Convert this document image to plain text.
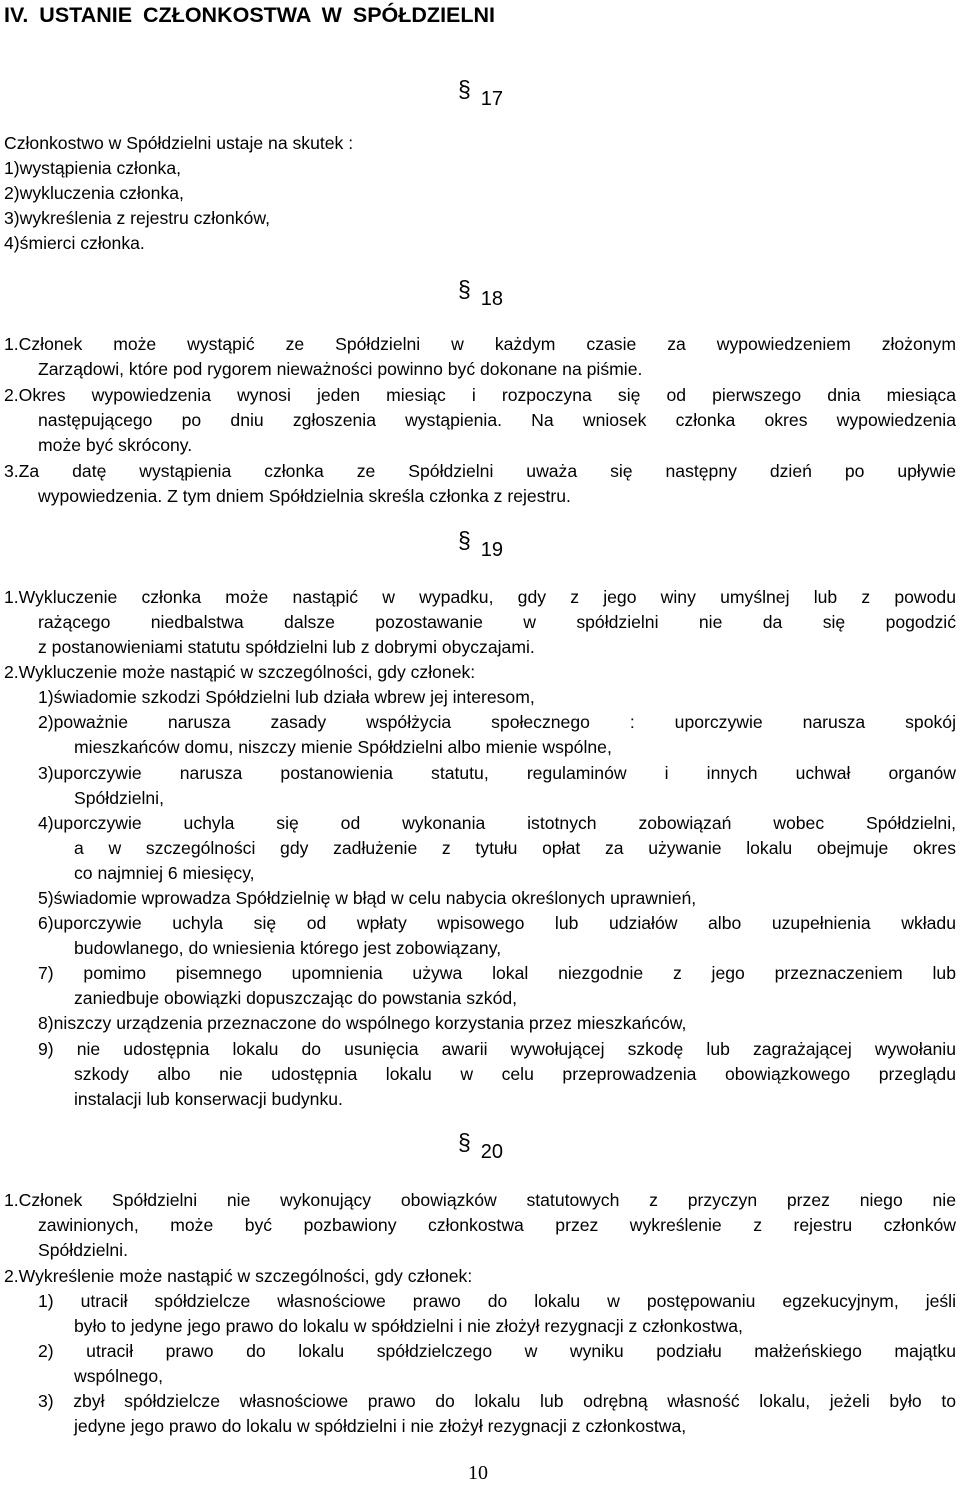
IV. USTANIE CZŁONKOSTWA W SPÓŁDZIELNI
§ 17
Członkostwo w Spółdzielni ustaje na skutek :
1)wystąpienia członka,
2)wykluczenia członka,
3)wykreślenia z rejestru członków,
4)śmierci członka.
§ 18
1.Członek może wystąpić ze Spółdzielni w każdym czasie za wypowiedzeniem złożonym
Zarządowi, które pod rygorem nieważności powinno być dokonane na piśmie.
2.Okres wypowiedzenia wynosi jeden miesiąc i rozpoczyna się od pierwszego dnia miesiąca
następującego po dniu zgłoszenia wystąpienia. Na wniosek członka okres wypowiedzenia
może być skrócony.
3.Za datę wystąpienia członka ze Spółdzielni uważa się następny dzień po upływie
wypowiedzenia. Z tym dniem Spółdzielnia skreśla członka z rejestru.
§ 19
1.Wykluczenie członka może nastąpić w wypadku, gdy z jego winy umyślnej lub z powodu
rażącego niedbalstwa dalsze pozostawanie w spółdzielni nie da się pogodzić
z postanowieniami statutu spółdzielni lub z dobrymi obyczajami.
2.Wykluczenie może nastąpić w szczególności, gdy członek:
1)świadomie szkodzi Spółdzielni lub działa wbrew jej interesom,
2)poważnie narusza zasady współżycia społecznego : uporczywie narusza spokój
mieszkańców domu, niszczy mienie Spółdzielni albo mienie wspólne,
3)uporczywie narusza postanowienia statutu, regulaminów i innych uchwał organów
Spółdzielni,
4)uporczywie uchyla się od wykonania istotnych zobowiązań wobec Spółdzielni,
a w szczególności gdy zadłużenie z tytułu opłat za używanie lokalu obejmuje okres
co najmniej 6 miesięcy,
5)świadomie wprowadza Spółdzielnię w błąd w celu nabycia określonych uprawnień,
6)uporczywie uchyla się od wpłaty wpisowego lub udziałów albo uzupełnienia wkładu
budowlanego, do wniesienia którego jest zobowiązany,
7) pomimo pisemnego upomnienia używa lokal niezgodnie z jego przeznaczeniem lub
zaniedbuje obowiązki dopuszczając do powstania szkód,
8)niszczy urządzenia przeznaczone do wspólnego korzystania przez mieszkańców,
9) nie udostępnia lokalu do usunięcia awarii wywołującej szkodę lub zagrażającej wywołaniu
szkody albo nie udostępnia lokalu w celu przeprowadzenia obowiązkowego przeglądu
instalacji lub konserwacji budynku.
§ 20
1.Członek Spółdzielni nie wykonujący obowiązków statutowych z przyczyn przez niego nie
zawinionych, może być pozbawiony członkostwa przez wykreślenie z rejestru członków
Spółdzielni.
2.Wykreślenie może nastąpić w szczególności, gdy członek:
1) utracił spółdzielcze własnościowe prawo do lokalu w postępowaniu egzekucyjnym, jeśli
było to jedyne jego prawo do lokalu w spółdzielni i nie złożył rezygnacji z członkostwa,
2) utracił prawo do lokalu spółdzielczego w wyniku podziału małżeńskiego majątku
wspólnego,
3) zbył spółdzielcze własnościowe prawo do lokalu lub odrębną własność lokalu, jeżeli było to
jedyne jego prawo do lokalu w spółdzielni i nie złożył rezygnacji z członkostwa,
10
